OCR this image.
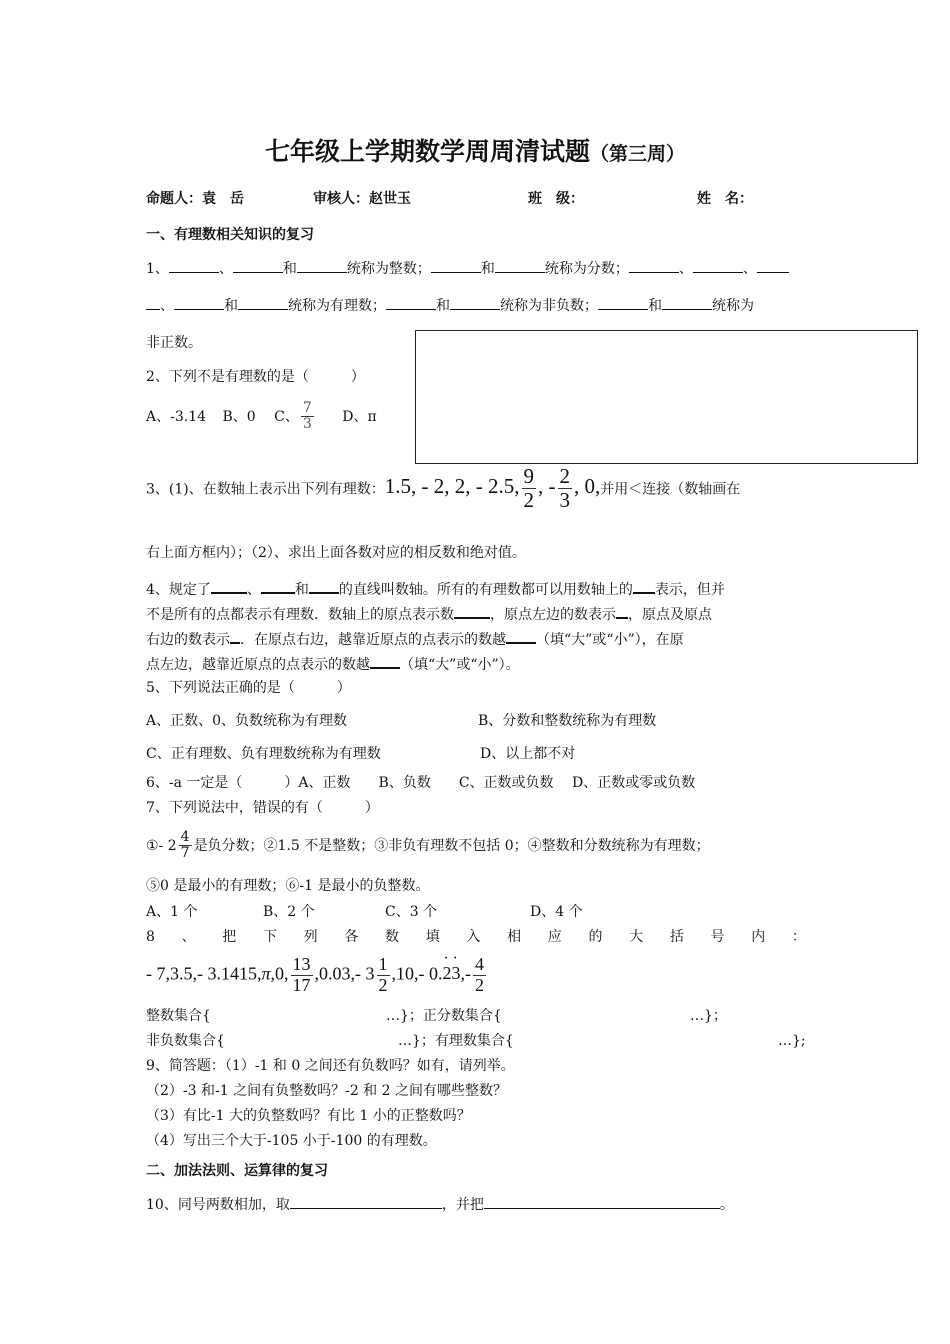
七年级上学期数学周周清试题（第三周）
命题人：袁　岳	审核人：赵世玉	班　级：	姓　名：
一、有理数相关知识的复习
1、	、	和	统称为整数；	和	统称为分数；	、	、
、	和	统称为有理数；	和	统称为非负数；	和	统称为
非正数。
2、下列不是有理数的是（　　　）
A、-3.14 B、0 C、 $\frac{7}{3}$ D、π
3、(1)、在数轴上表示出下列有理数：1.5, - 2, 2, - 2.5, $\frac{9}{2}$ , - $\frac{2}{3}$ , 0,并用＜连接（数轴画在
右上面方框内）；（2）、求出上面各数对应的相反数和绝对值。
4、规定了	、 和 的直线叫数轴。所有的有理数都可以用数轴上的 表示，但并
不是所有的点都表示有理数．数轴上的原点表示数	，原点左边的数表示 ，原点及原点
右边的数表示 ．在原点右边，越靠近原点的点表示的数越 （填“大”或“小”），在原
点左边，越靠近原点的点表示的数越 （填“大”或“小”）。
5、下列说法正确的是（　　　）
A、正数、0、负数统称为有理数	B、分数和整数统称为有理数
C、正有理数、负有理数统称为有理数	D、以上都不对
6、-a 一定是（　　　）A、正数　　B、负数　　C、正数或负数　 D、正数或零或负数
7、下列说法中，错误的有（　　　）
①- $2 \frac{4}{7}$ 是负分数；②1.5 不是整数；③非负有理数不包括 0；④整数和分数统称为有理数；
⑤0 是最小的有理数；⑥-1 是最小的负整数。
A、1 个	B、2 个	C、3 个	D、4 个
8 、 把 下 列 各 数 填 入 相 应 的 大 括 号 内 ：
- 7,3.5,- 3.1415,π,0, $\frac{13}{17} ,0.03,-$ $3 \frac{1}{2} ,10,-$ $0.\cdot 2\cdot 3,- \frac{4}{2}$
整数集合{	…}；正分数集合{	…}；
非负数集合{	…}；有理数集合{	…};
9、简答题：（1）-1 和 0 之间还有负数吗？如有，请列举。
（2）-3 和-1 之间有负整数吗？-2 和 2 之间有哪些整数？
（3）有比-1 大的负整数吗？有比 1 小的正整数吗？
（4）写出三个大于-105 小于-100 的有理数。
二、加法法则、运算律的复习
10、同号两数相加，取	，并把	。
